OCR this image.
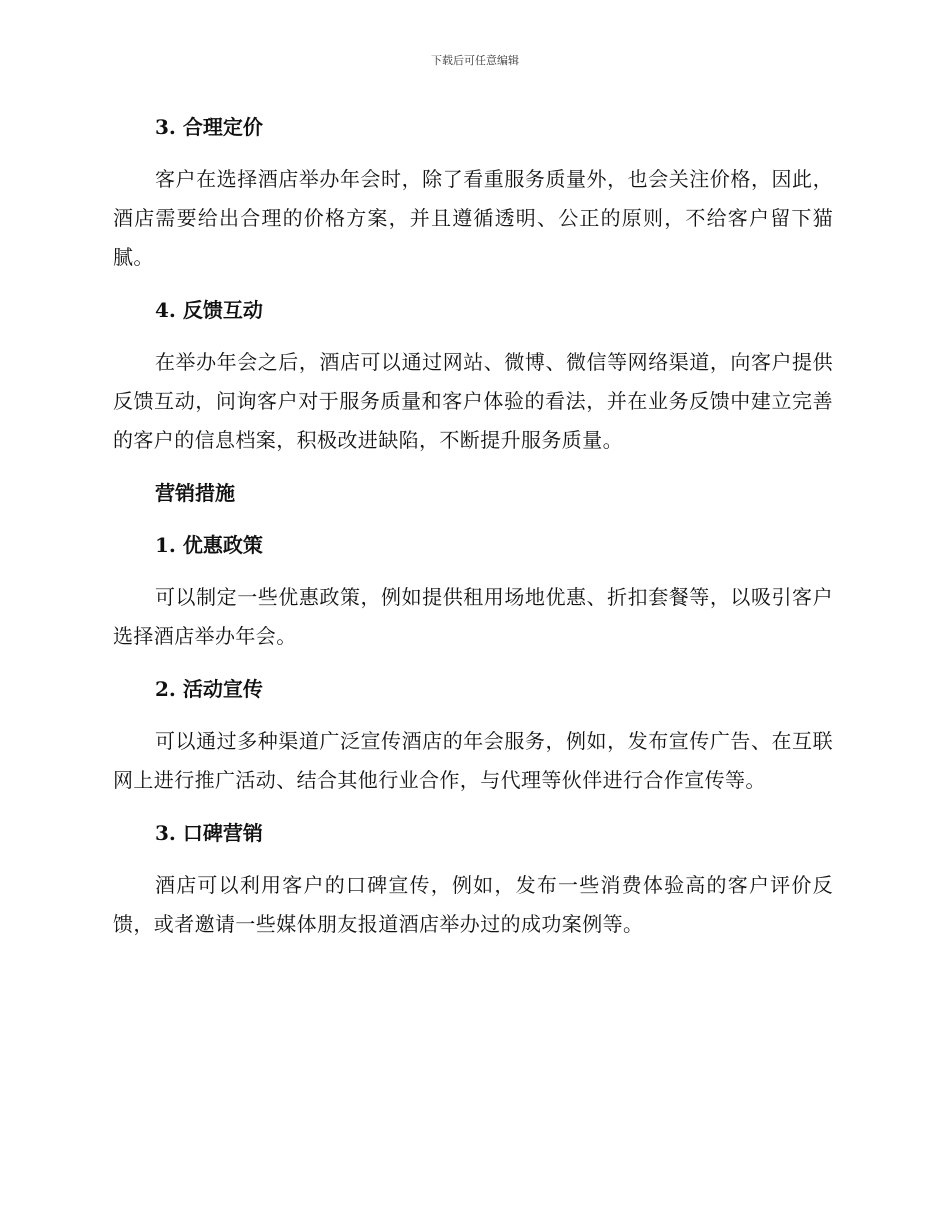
下载后可任意编辑
3. 合理定价

客户在选择酒店举办年会时，除了看重服务质量外，也会关注价格，因此，酒店需要给出合理的价格方案，并且遵循透明、公正的原则，不给客户留下猫腻。

4. 反馈互动

在举办年会之后，酒店可以通过网站、微博、微信等网络渠道，向客户提供反馈互动，问询客户对于服务质量和客户体验的看法，并在业务反馈中建立完善的客户的信息档案，积极改进缺陷，不断提升服务质量。

营销措施
1. 优惠政策

可以制定一些优惠政策，例如提供租用场地优惠、折扣套餐等，以吸引客户选择酒店举办年会。

2. 活动宣传

可以通过多种渠道广泛宣传酒店的年会服务，例如，发布宣传广告、在互联网上进行推广活动、结合其他行业合作，与代理等伙伴进行合作宣传等。

3. 口碑营销

酒店可以利用客户的口碑宣传，例如，发布一些消费体验高的客户评价反馈，或者邀请一些媒体朋友报道酒店举办过的成功案例等。
